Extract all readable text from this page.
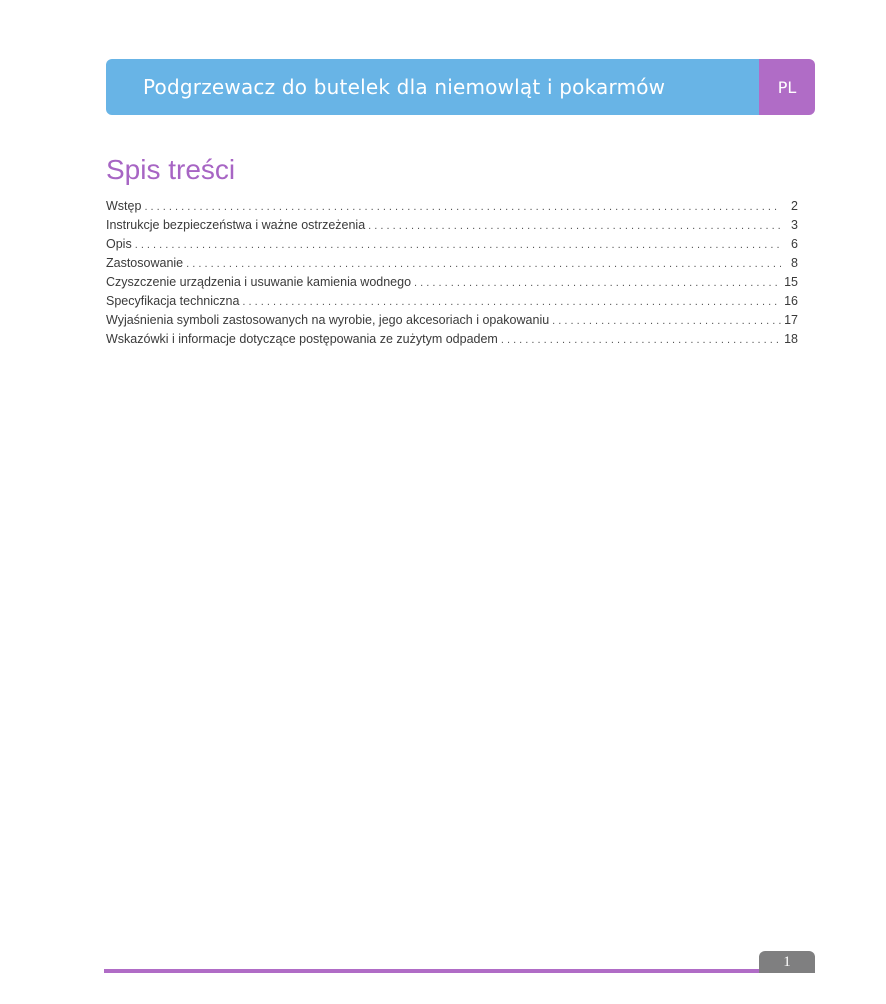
Podgrzewacz do butelek dla niemowląt i pokarmów	PL
Spis treści
Wstęp . . .	2
Instrukcje bezpieczeństwa i ważne ostrzeżenia . . .	3
Opis . . .	6
Zastosowanie . . .	8
Czyszczenie urządzenia i usuwanie kamienia wodnego . . .	15
Specyfikacja techniczna . . .	16
Wyjaśnienia symboli zastosowanych na wyrobie, jego akcesoriach i opakowaniu . . .	17
Wskazówki i informacje dotyczące postępowania ze zużytym odpadem . . .	18
1
